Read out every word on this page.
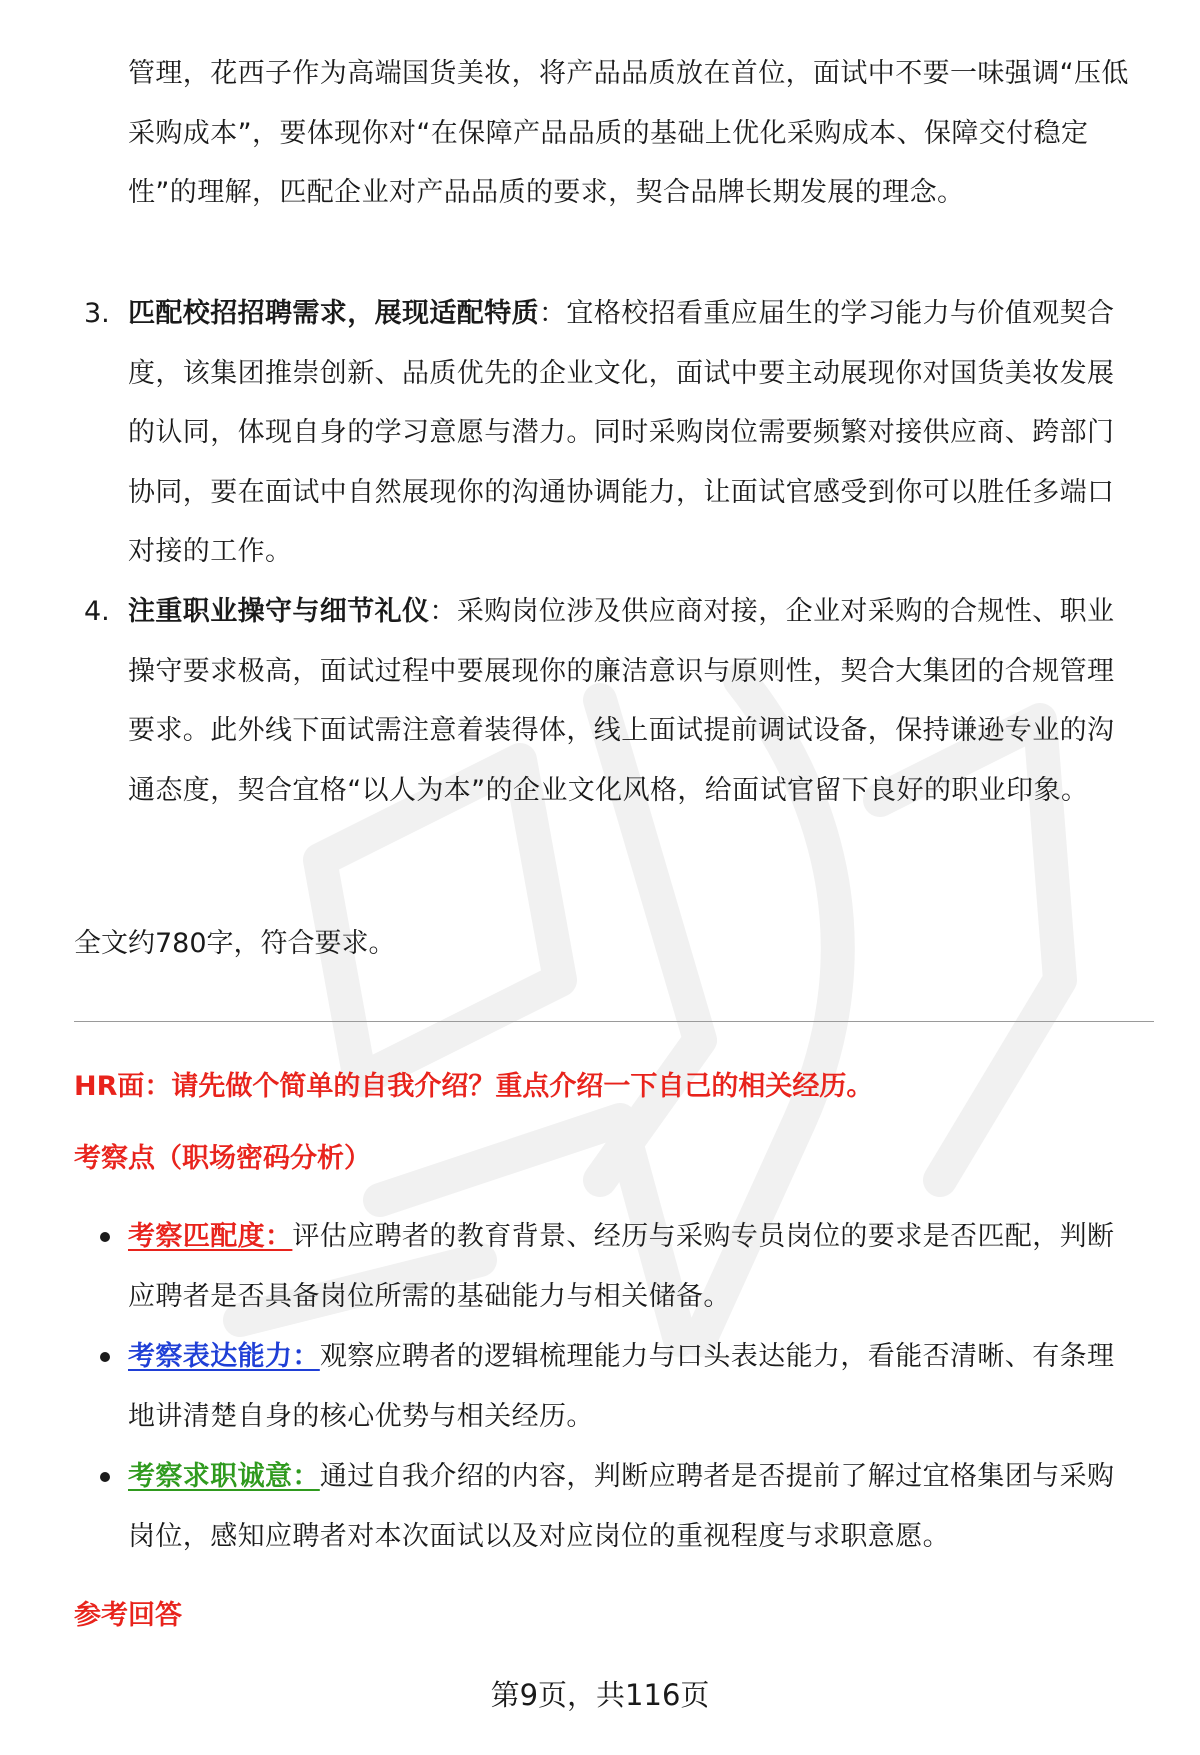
管理，花西子作为高端国货美妆，将产品品质放在首位，面试中不要一味强调“压低采购成本”，要体现你对“在保障产品品质的基础上优化采购成本、保障交付稳定性”的理解，匹配企业对产品品质的要求，契合品牌长期发展的理念。

3. 匹配校招招聘需求，展现适配特质：宜格校招看重应届生的学习能力与价值观契合度，该集团推崇创新、品质优先的企业文化，面试中要主动展现你对国货美妆发展的认同，体现自身的学习意愿与潜力。同时采购岗位需要频繁对接供应商、跨部门协同，要在面试中自然展现你的沟通协调能力，让面试官感受到你可以胜任多端口对接的工作。

4. 注重职业操守与细节礼仪：采购岗位涉及供应商对接，企业对采购的合规性、职业操守要求极高，面试过程中要展现你的廉洁意识与原则性，契合大集团的合规管理要求。此外线下面试需注意着装得体，线上面试提前调试设备，保持谦逊专业的沟通态度，契合宜格“以人为本”的企业文化风格，给面试官留下良好的职业印象。

全文约780字，符合要求。

HR面：请先做个简单的自我介绍？重点介绍一下自己的相关经历。

考察点（职场密码分析）

考察匹配度：评估应聘者的教育背景、经历与采购专员岗位的要求是否匹配，判断应聘者是否具备岗位所需的基础能力与相关储备。

考察表达能力：观察应聘者的逻辑梳理能力与口头表达能力，看能否清晰、有条理地讲清楚自身的核心优势与相关经历。

考察求职诚意：通过自我介绍的内容，判断应聘者是否提前了解过宜格集团与采购岗位，感知应聘者对本次面试以及对应岗位的重视程度与求职意愿。

参考回答

第9页，共116页
